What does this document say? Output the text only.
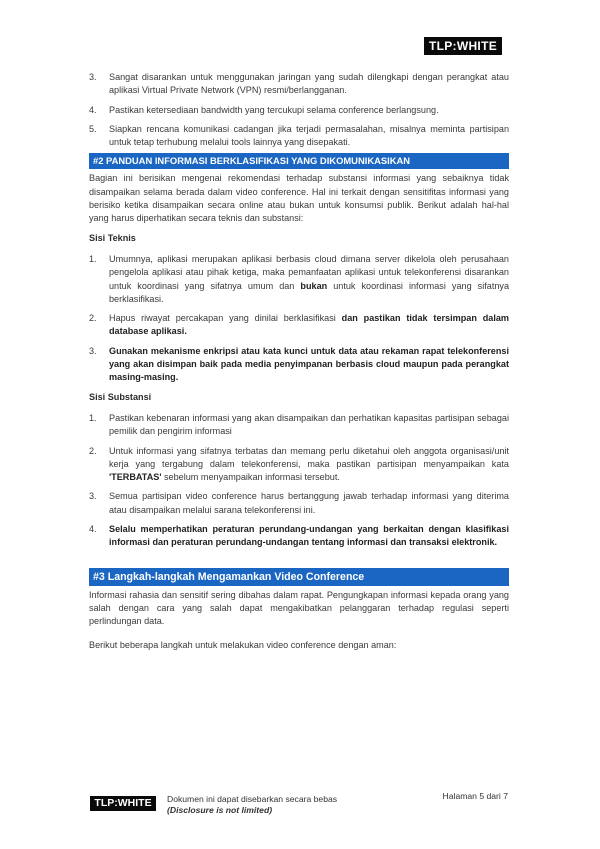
TLP:WHITE
3. Sangat disarankan untuk menggunakan jaringan yang sudah dilengkapi dengan perangkat atau aplikasi Virtual Private Network (VPN) resmi/berlangganan.
4. Pastikan ketersediaan bandwidth yang tercukupi selama conference berlangsung.
5. Siapkan rencana komunikasi cadangan jika terjadi permasalahan, misalnya meminta partisipan untuk tetap terhubung melalui tools lainnya yang disepakati.
#2 PANDUAN INFORMASI BERKLASIFIKASI YANG DIKOMUNIKASIKAN
Bagian ini berisikan mengenai rekomendasi terhadap substansi informasi yang sebaiknya tidak disampaikan selama berada dalam video conference. Hal ini terkait dengan sensitifitas informasi yang berisiko ketika disampaikan secara online atau bukan untuk konsumsi publik. Berikut adalah hal-hal yang harus diperhatikan secara teknis dan substansi:
Sisi Teknis
1. Umumnya, aplikasi merupakan aplikasi berbasis cloud dimana server dikelola oleh perusahaan pengelola aplikasi atau pihak ketiga, maka pemanfaatan aplikasi untuk telekonferensi disarankan untuk koordinasi yang sifatnya umum dan bukan untuk koordinasi informasi yang sifatnya berklasifikasi.
2. Hapus riwayat percakapan yang dinilai berklasifikasi dan pastikan tidak tersimpan dalam database aplikasi.
3. Gunakan mekanisme enkripsi atau kata kunci untuk data atau rekaman rapat telekonferensi yang akan disimpan baik pada media penyimpanan berbasis cloud maupun pada perangkat masing-masing.
Sisi Substansi
1. Pastikan kebenaran informasi yang akan disampaikan dan perhatikan kapasitas partisipan sebagai pemilik dan pengirim informasi
2. Untuk informasi yang sifatnya terbatas dan memang perlu diketahui oleh anggota organisasi/unit kerja yang tergabung dalam telekonferensi, maka pastikan partisipan menyampaikan kata 'TERBATAS' sebelum menyampaikan informasi tersebut.
3. Semua partisipan video conference harus bertanggung jawab terhadap informasi yang diterima atau disampaikan melalui sarana telekonferensi ini.
4. Selalu memperhatikan peraturan perundang-undangan yang berkaitan dengan klasifikasi informasi dan peraturan perundang-undangan tentang informasi dan transaksi elektronik.
#3 Langkah-langkah Mengamankan Video Conference
Informasi rahasia dan sensitif sering dibahas dalam rapat. Pengungkapan informasi kepada orang yang salah dengan cara yang salah dapat mengakibatkan pelanggaran terhadap regulasi seperti perlindungan data.
Berikut beberapa langkah untuk melakukan video conference dengan aman:
TLP:WHITE	Dokumen ini dapat disebarkan secara bebas
(Disclosure is not limited)
Halaman 5 dari 7
